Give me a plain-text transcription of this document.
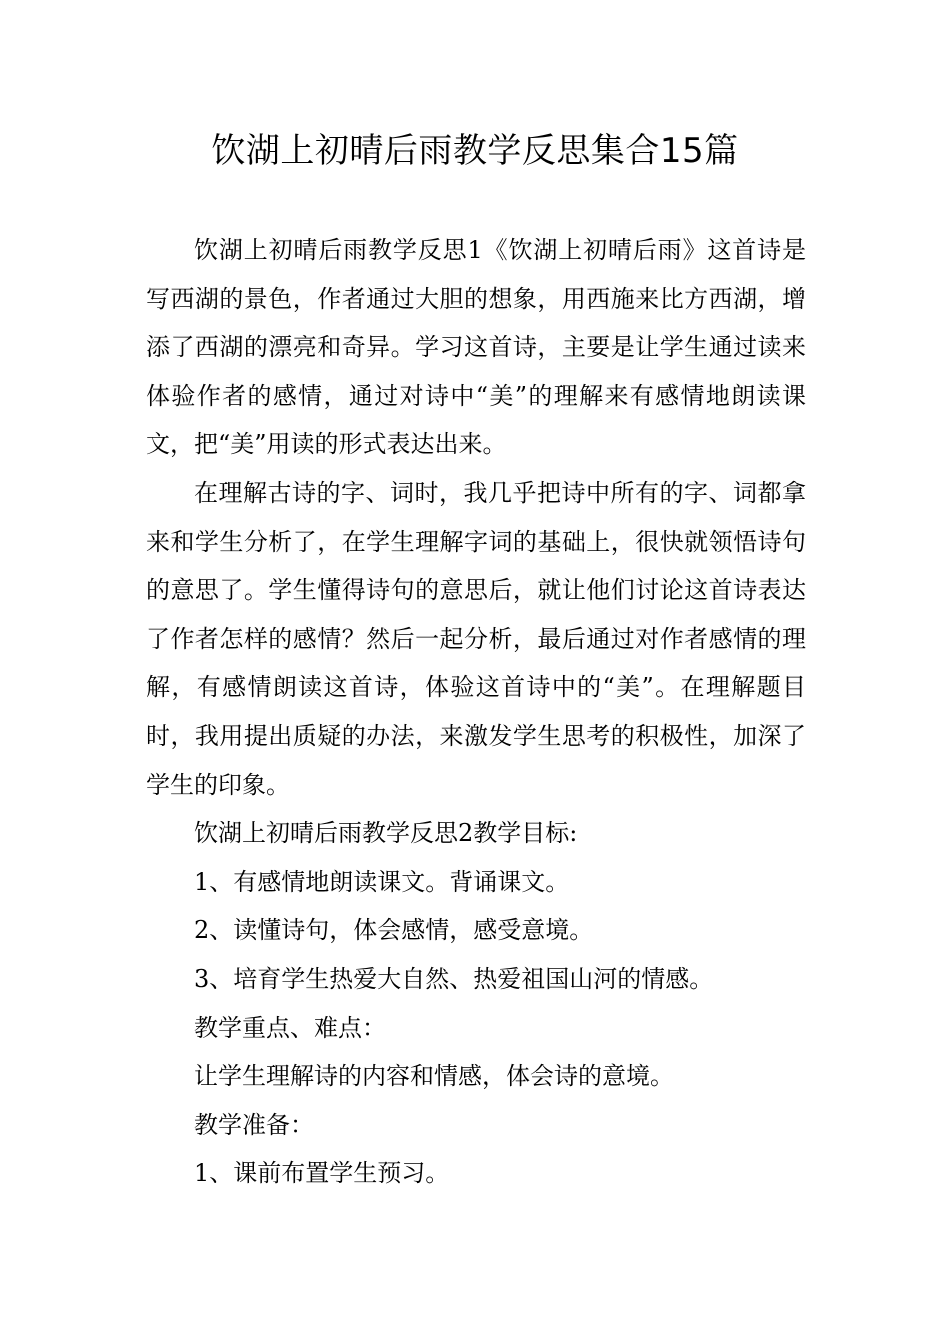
饮湖上初晴后雨教学反思集合15篇

饮湖上初晴后雨教学反思1《饮湖上初晴后雨》这首诗是写西湖的景色，作者通过大胆的想象，用西施来比方西湖，增添了西湖的漂亮和奇异。学习这首诗，主要是让学生通过读来体验作者的感情，通过对诗中“美”的理解来有感情地朗读课文，把“美”用读的形式表达出来。

在理解古诗的字、词时，我几乎把诗中所有的字、词都拿来和学生分析了，在学生理解字词的基础上，很快就领悟诗句的意思了。学生懂得诗句的意思后，就让他们讨论这首诗表达了作者怎样的感情？然后一起分析，最后通过对作者感情的理解，有感情朗读这首诗，体验这首诗中的“美”。在理解题目时，我用提出质疑的办法，来激发学生思考的积极性，加深了学生的印象。

饮湖上初晴后雨教学反思2教学目标:

1、有感情地朗读课文。背诵课文。

2、读懂诗句，体会感情，感受意境。

3、培育学生热爱大自然、热爱祖国山河的情感。

教学重点、难点：

让学生理解诗的内容和情感，体会诗的意境。

教学准备：

1、课前布置学生预习。
